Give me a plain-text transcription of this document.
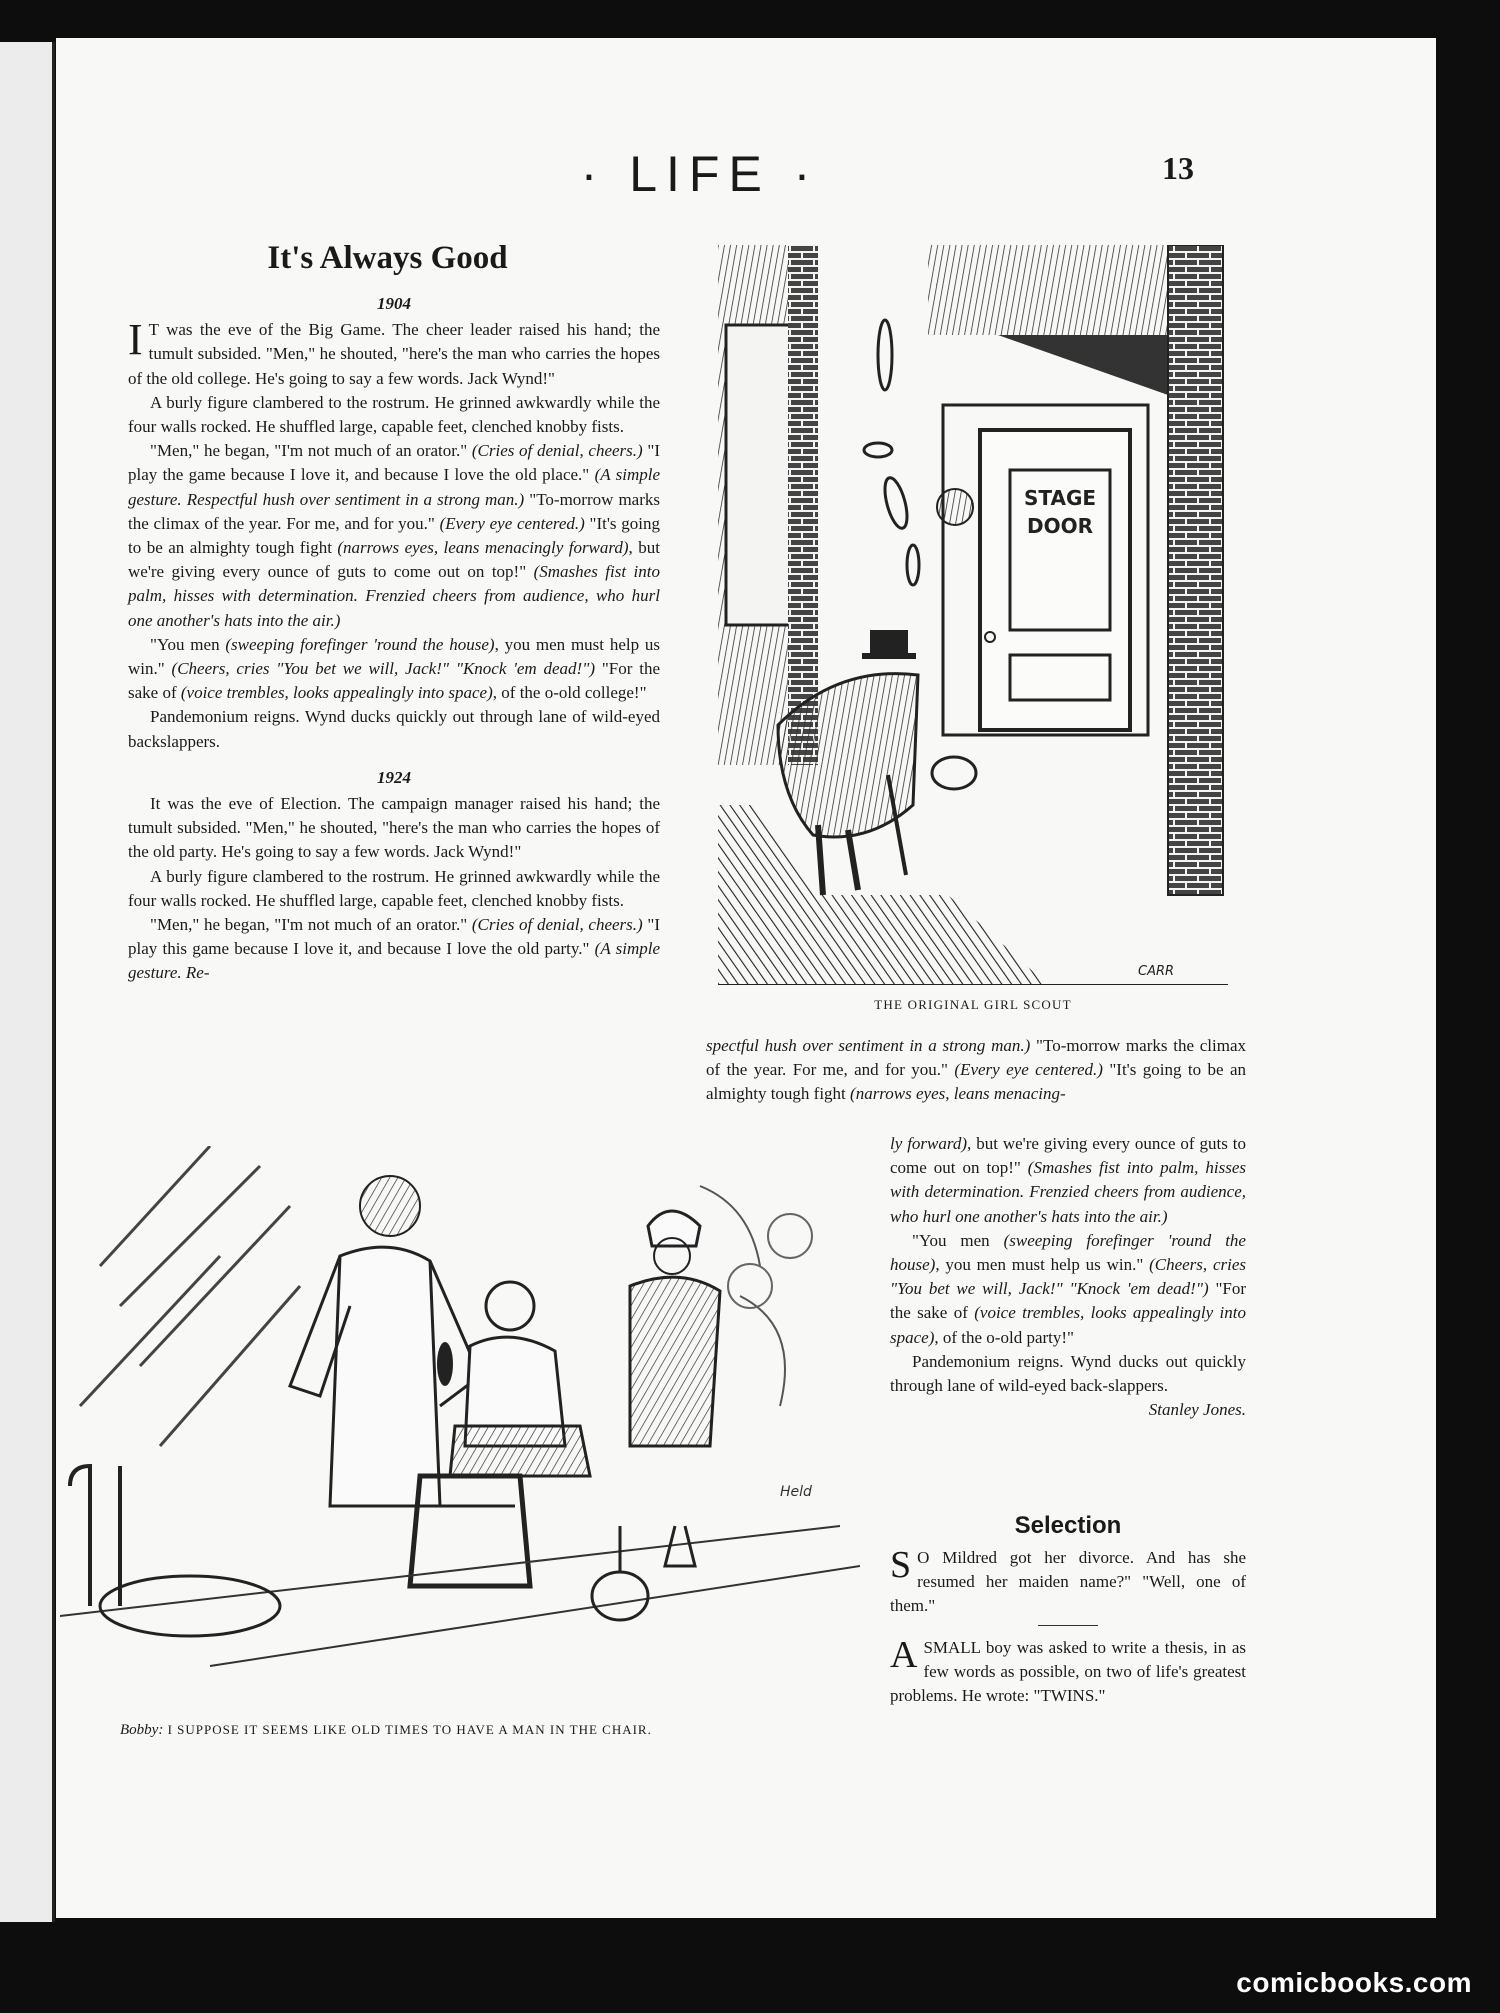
· LIFE ·	13
It's Always Good
1904

I T was the eve of the Big Game. The cheer leader raised his hand; the tumult subsided. "Men," he shouted, "here's the man who carries the hopes of the old college. He's going to say a few words. Jack Wynd!"

A burly figure clambered to the rostrum. He grinned awkwardly while the four walls rocked. He shuffled large, capable feet, clenched knobby fists.

"Men," he began, "I'm not much of an orator." (Cries of denial, cheers.) "I play the game because I love it, and because I love the old place." (A simple gesture. Respectful hush over sentiment in a strong man.) "To-morrow marks the climax of the year. For me, and for you." (Every eye centered.) "It's going to be an almighty tough fight (narrows eyes, leans menacingly forward), but we're giving every ounce of guts to come out on top!" (Smashes fist into palm, hisses with determination. Frenzied cheers from audience, who hurl one another's hats into the air.)

"You men (sweeping forefinger 'round the house), you men must help us win." (Cheers, cries "You bet we will, Jack!" "Knock 'em dead!") "For the sake of (voice trembles, looks appealingly into space), of the o-old college!"

Pandemonium reigns. Wynd ducks quickly out through lane of wild-eyed backslappers.

1924

It was the eve of Election. The campaign manager raised his hand; the tumult subsided. "Men," he shouted, "here's the man who carries the hopes of the old party. He's going to say a few words. Jack Wynd!"

A burly figure clambered to the rostrum. He grinned awkwardly while the four walls rocked. He shuffled large, capable feet, clenched knobby fists.

"Men," he began, "I'm not much of an orator." (Cries of denial, cheers.) "I play this game because I love it, and because I love the old party." (A simple gesture. Re-

STAGE
DOOR
CARR
THE ORIGINAL GIRL SCOUT

spectful hush over sentiment in a strong man.) "To-morrow marks the climax of the year. For me, and for you." (Every eye centered.) "It's going to be an almighty tough fight (narrows eyes, leans menacing-

ly forward), but we're giving every ounce of guts to come out on top!" (Smashes fist into palm, hisses with determination. Frenzied cheers from audience, who hurl one another's hats into the air.)

"You men (sweeping forefinger 'round the house), you men must help us win." (Cheers, cries "You bet we will, Jack!" "Knock 'em dead!") "For the sake of (voice trembles, looks appealingly into space), of the o-old party!"

Pandemonium reigns. Wynd ducks out quickly through lane of wild-eyed back-slappers.
Stanley Jones.

Selection

S O Mildred got her divorce. And has she resumed her maiden name?" "Well, one of them."

ASMALL boy was asked to write a thesis, in as few words as possible, on two of life's greatest problems. He wrote: "TWINS."

Held
Bobby: I SUPPOSE IT SEEMS LIKE OLD TIMES TO HAVE A MAN IN THE CHAIR.
comicbooks.com
